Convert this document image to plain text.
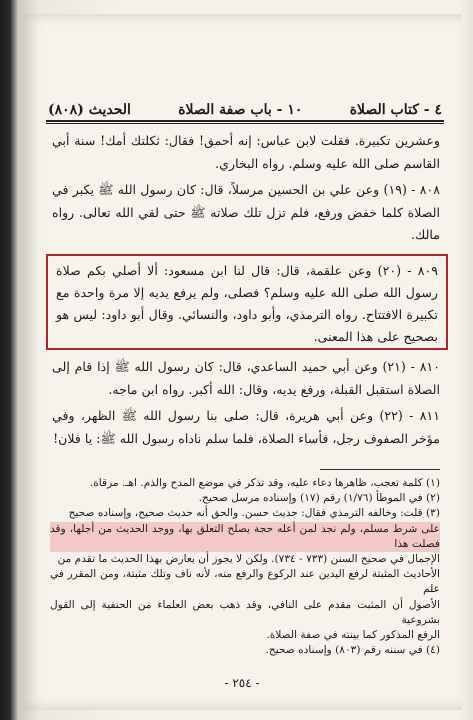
٤ - كتاب الصلاة
١٠ - باب صفة الصلاة
الحديث (٨٠٨)

وعشرين تكبيرة. فقلت لابن عباس: إنه أحمق! فقال: ثكلتك أمك! سنة أبي القاسم صلى الله عليه وسلم. رواه البخاري.

٨٠٨ - (١٩) وعن علي بن الحسين مرسلاً، قال: كان رسول الله ﷺ يكبر في الصلاة كلما خفض ورفع، فلم تزل تلك صلاته ﷺ حتى لقي الله تعالى. رواه مالك.

٨٠٩ - (٢٠) وعن علقمة، قال: قال لنا ابن مسعود: ألا أصلي بكم صلاة رسول الله صلى الله عليه وسلم؟ فصلى، ولم يرفع يديه إلا مرة واحدة مع تكبيرة الافتتاح. رواه الترمذي، وأبو داود، والنسائي. وقال أبو داود: ليس هو بصحيح على هذا المعنى.

٨١٠ - (٢١) وعن أبي حميد الساعدي، قال: كان رسول الله ﷺ إذا قام إلى الصلاة استقبل القبلة، ورفع يديه، وقال: الله أكبر. رواه ابن ماجه.

٨١١ - (٢٢) وعن أبي هريرة، قال: صلى بنا رسول الله ﷺ الظهر، وفي مؤخر الصفوف رجل، فأساء الصلاة، فلما سلم ناداه رسول الله ﷺ: يا فلان!

(١) كلمة تعجب، ظاهرها دعاء عليه، وقد تذكر في موضع المدح والذم. اهـ. مرقاة.

(٢) في الموطأ (١/٧٦) رقم (١٧) وإسناده مرسل صحيح.

(٣) قلت: وخالفه الترمذي فقال: حديث حسن. والحق أنه حديث صحيح، وإسناده صحيح

على شرط مسلم، ولم نجد لمن أعله حجة يصلح التعلق بها، ووجد الحديث من أجلها، وقد فصلت هذا

الإجمال في صحيح السنن (٧٣٣ - ٧٣٤). ولكن لا يجوز أن يعارض بهذا الحديث ما تقدم من

الأحاديث المثبتة لرفع اليدين عند الركوع والرفع منه، لأنه ناف وتلك مثبتة، ومن المقرر في علم

الأصول أن المثبت مقدم على النافي، وقد ذهب بعض العلماء من الحنفية إلى القول بشروعية

الرفع المذكور كما بينته في صفة الصلاة.

(٤) في سننه رقم (٨٠٣) وإسناده صحيح.

- ٢٥٤ -
